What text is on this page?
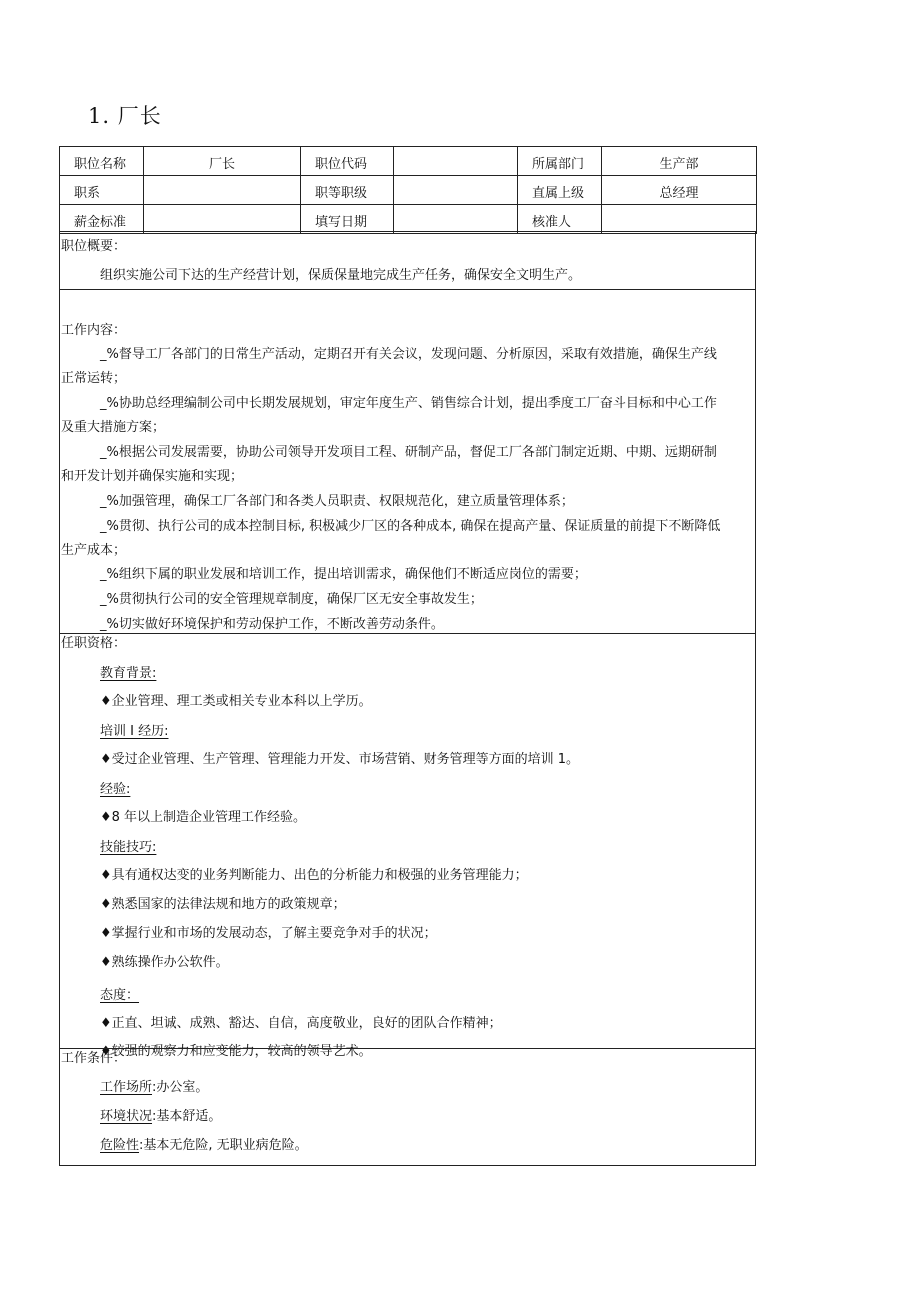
1. 厂长
职位名称	厂长	职位代码		所属部门	生产部
职系		职等职级		直属上级	总经理
薪金标准		填写日期		核准人	
职位概要：
组织实施公司下达的生产经营计划，保质保量地完成生产任务，确保安全文明生产。
工作内容：
_%督导工厂各部门的日常生产活动，定期召开有关会议，发现问题、分析原因，采取有效措施，确保生产线
正常运转；
_%协助总经理编制公司中长期发展规划，审定年度生产、销售综合计划，提出季度工厂奋斗目标和中心工作
及重大措施方案；
_%根据公司发展需要，协助公司领导开发项目工程、研制产品，督促工厂各部门制定近期、中期、远期研制
和开发计划并确保实施和实现；
_%加强管理，确保工厂各部门和各类人员职责、权限规范化，建立质量管理体系；
_%贯彻、执行公司的成本控制目标, 积极减少厂区的各种成本, 确保在提高产量、保证质量的前提下不断降低
生产成本；
_%组织下属的职业发展和培训工作，提出培训需求，确保他们不断适应岗位的需要；
_%贯彻执行公司的安全管理规章制度，确保厂区无安全事故发生；
_%切实做好环境保护和劳动保护工作，不断改善劳动条件。
任职资格：
教育背景:
♦企业管理、理工类或相关专业本科以上学历。
培训 I 经历:
♦受过企业管理、生产管理、管理能力开发、市场营销、财务管理等方面的培训 1。
经验:
♦8 年以上制造企业管理工作经验。
技能技巧:
♦具有通权达变的业务判断能力、出色的分析能力和极强的业务管理能力；
♦熟悉国家的法律法规和地方的政策规章；
♦掌握行业和市场的发展动态，了解主要竞争对手的状况；
♦熟练操作办公软件。
态度：
♦正直、坦诚、成熟、豁达、自信，高度敬业，良好的团队合作精神；
♦较强的观察力和应变能力，较高的领导艺术。
工作条件：
工作场所:办公室。
环境状况:基本舒适。
危险性:基本无危险, 无职业病危险。
